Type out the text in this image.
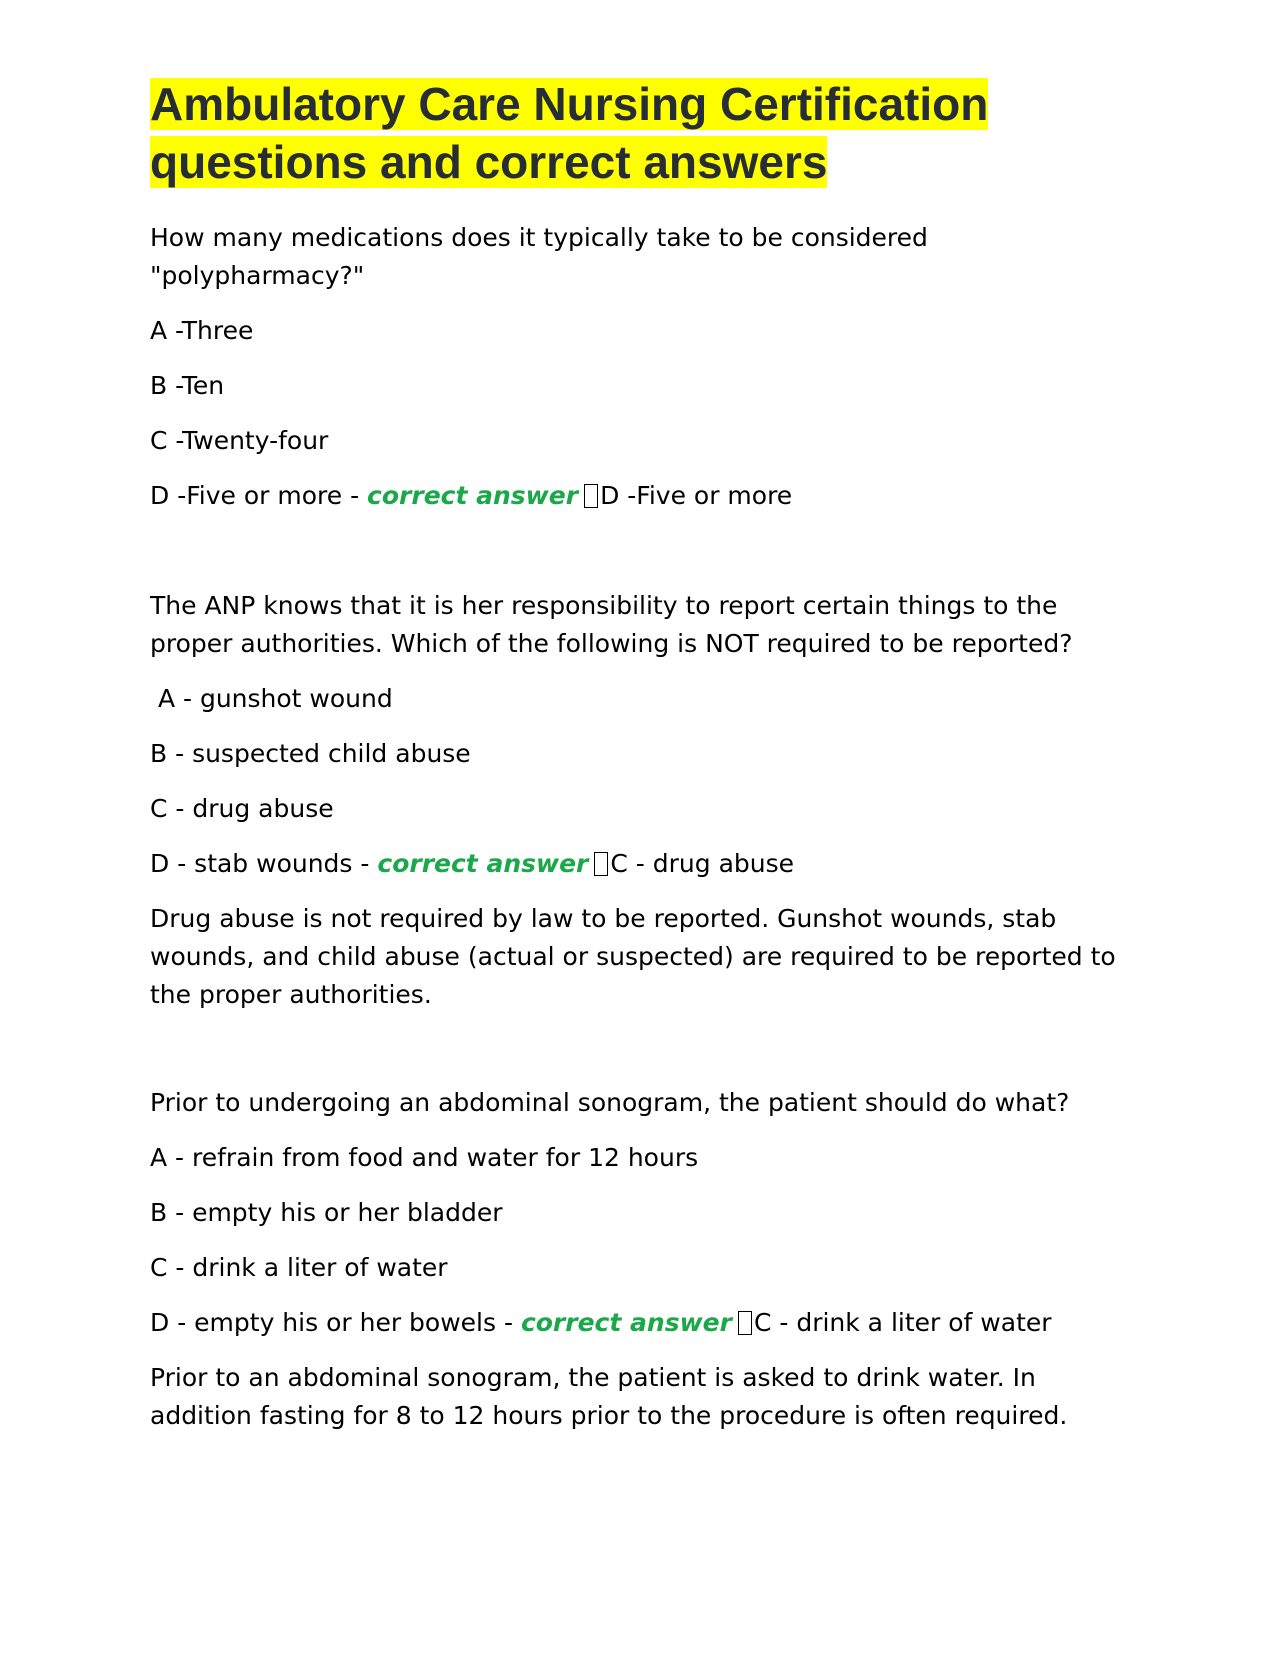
Ambulatory Care Nursing Certification questions and correct answers

How many medications does it typically take to be considered "polypharmacy?"

A -Three

B -Ten

C -Twenty-four

D -Five or more - correct answer D -Five or more

The ANP knows that it is her responsibility to report certain things to the proper authorities. Which of the following is NOT required to be reported?

A - gunshot wound

B - suspected child abuse

C - drug abuse

D - stab wounds - correct answer C - drug abuse

Drug abuse is not required by law to be reported. Gunshot wounds, stab wounds, and child abuse (actual or suspected) are required to be reported to the proper authorities.

Prior to undergoing an abdominal sonogram, the patient should do what?

A - refrain from food and water for 12 hours

B - empty his or her bladder

C - drink a liter of water

D - empty his or her bowels - correct answer C - drink a liter of water

Prior to an abdominal sonogram, the patient is asked to drink water. In addition fasting for 8 to 12 hours prior to the procedure is often required.
